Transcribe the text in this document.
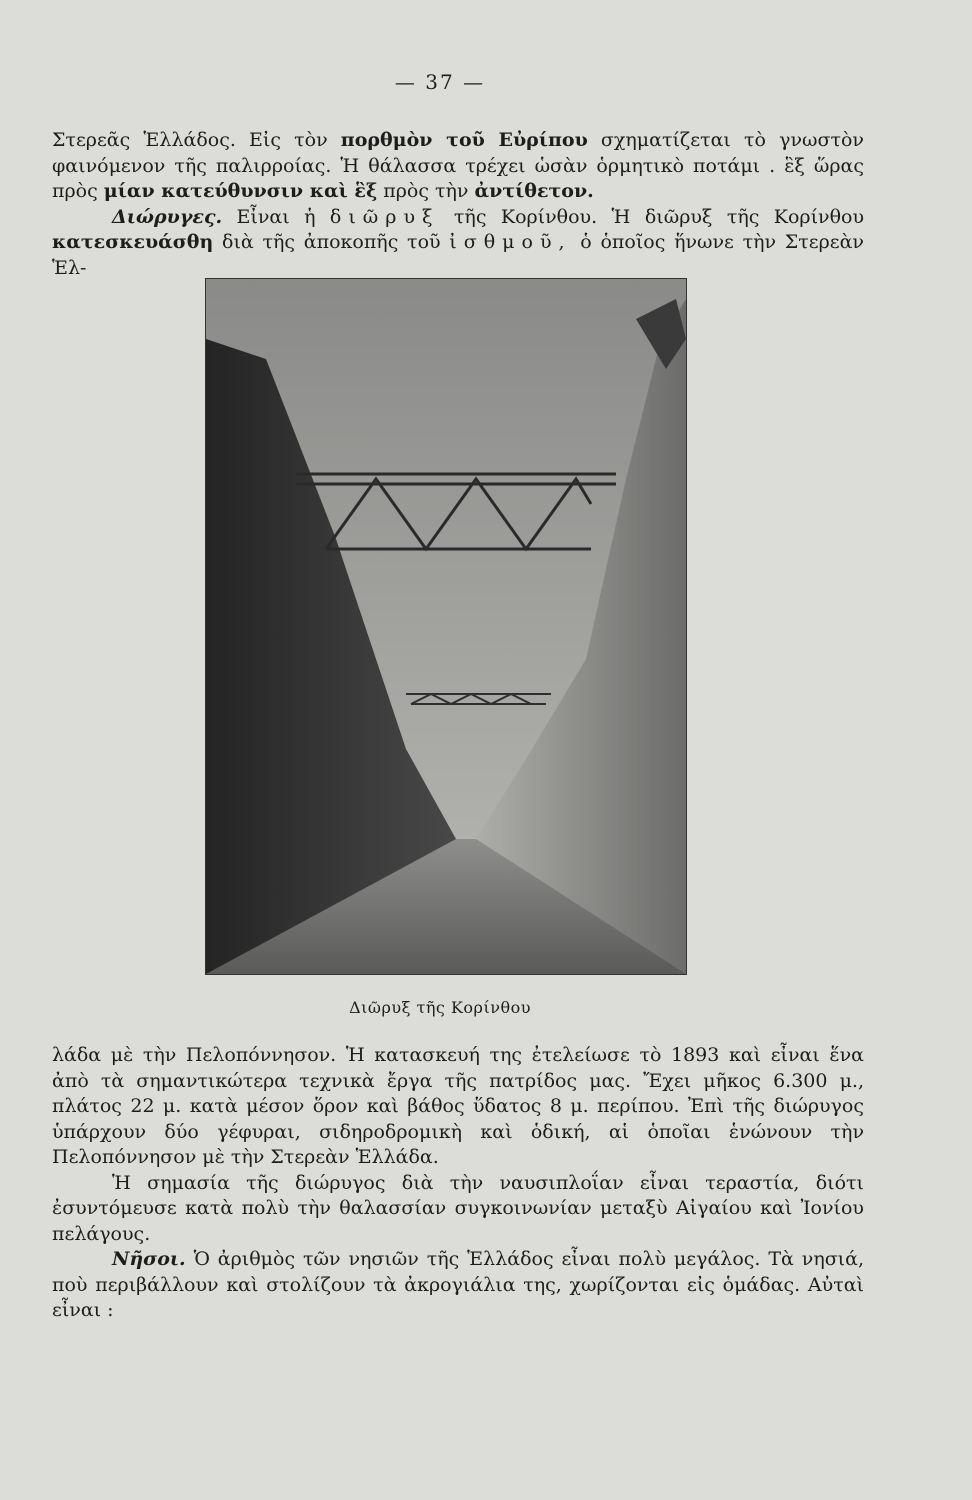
— 37 —

Στερεᾶς Ἑλλάδος. Εἰς τὸν πορθμὸν τοῦ Εὐρίπου σχηματίζεται τὸ γνωστὸν φαινόμενον τῆς παλιρροίας. Ἡ θάλασσα τρέχει ὡσὰν ὁρμητικὸ ποτάμι . ἓξ ὥρας πρὸς μίαν κατεύθυνσιν καὶ ἓξ πρὸς τὴν ἀντίθετον.

Διώρυγες. Εἶναι ἡ διῶρυξ τῆς Κορίνθου. Ἡ διῶρυξ τῆς Κορίνθου κατεσκευάσθη διὰ τῆς ἀποκοπῆς τοῦ ἰσθμοῦ, ὁ ὁποῖος ἥνωνε τὴν Στερεὰν Ἑλ-

Διῶρυξ τῆς Κορίνθου

λάδα μὲ τὴν Πελοπόννησον. Ἡ κατασκευή της ἐτελείωσε τὸ 1893 καὶ εἶναι ἕνα ἀπὸ τὰ σημαντικώτερα τεχνικὰ ἔργα τῆς πατρίδος μας. Ἔχει μῆκος 6.300 μ., πλάτος 22 μ. κατὰ μέσον ὅρον καὶ βάθος ὕδατος 8 μ. περίπου. Ἐπὶ τῆς διώρυγος ὑπάρχουν δύο γέφυραι, σιδηροδρομικὴ καὶ ὁδική, αἱ ὁποῖαι ἑνώνουν τὴν Πελοπόννησον μὲ τὴν Στερεὰν Ἑλλάδα.

Ἡ σημασία τῆς διώρυγος διὰ τὴν ναυσιπλοΐαν εἶναι τεραστία, διότι ἐσυντόμευσε κατὰ πολὺ τὴν θαλασσίαν συγκοινωνίαν μεταξὺ Αἰγαίου καὶ Ἰονίου πελάγους.

Νῆσοι. Ὁ ἀριθμὸς τῶν νησιῶν τῆς Ἑλλάδος εἶναι πολὺ μεγάλος. Τὰ νησιά, ποὺ περιβάλλουν καὶ στολίζουν τὰ ἀκρογιάλια της, χωρίζονται εἰς ὁμάδας. Αὐταὶ εἶναι :
